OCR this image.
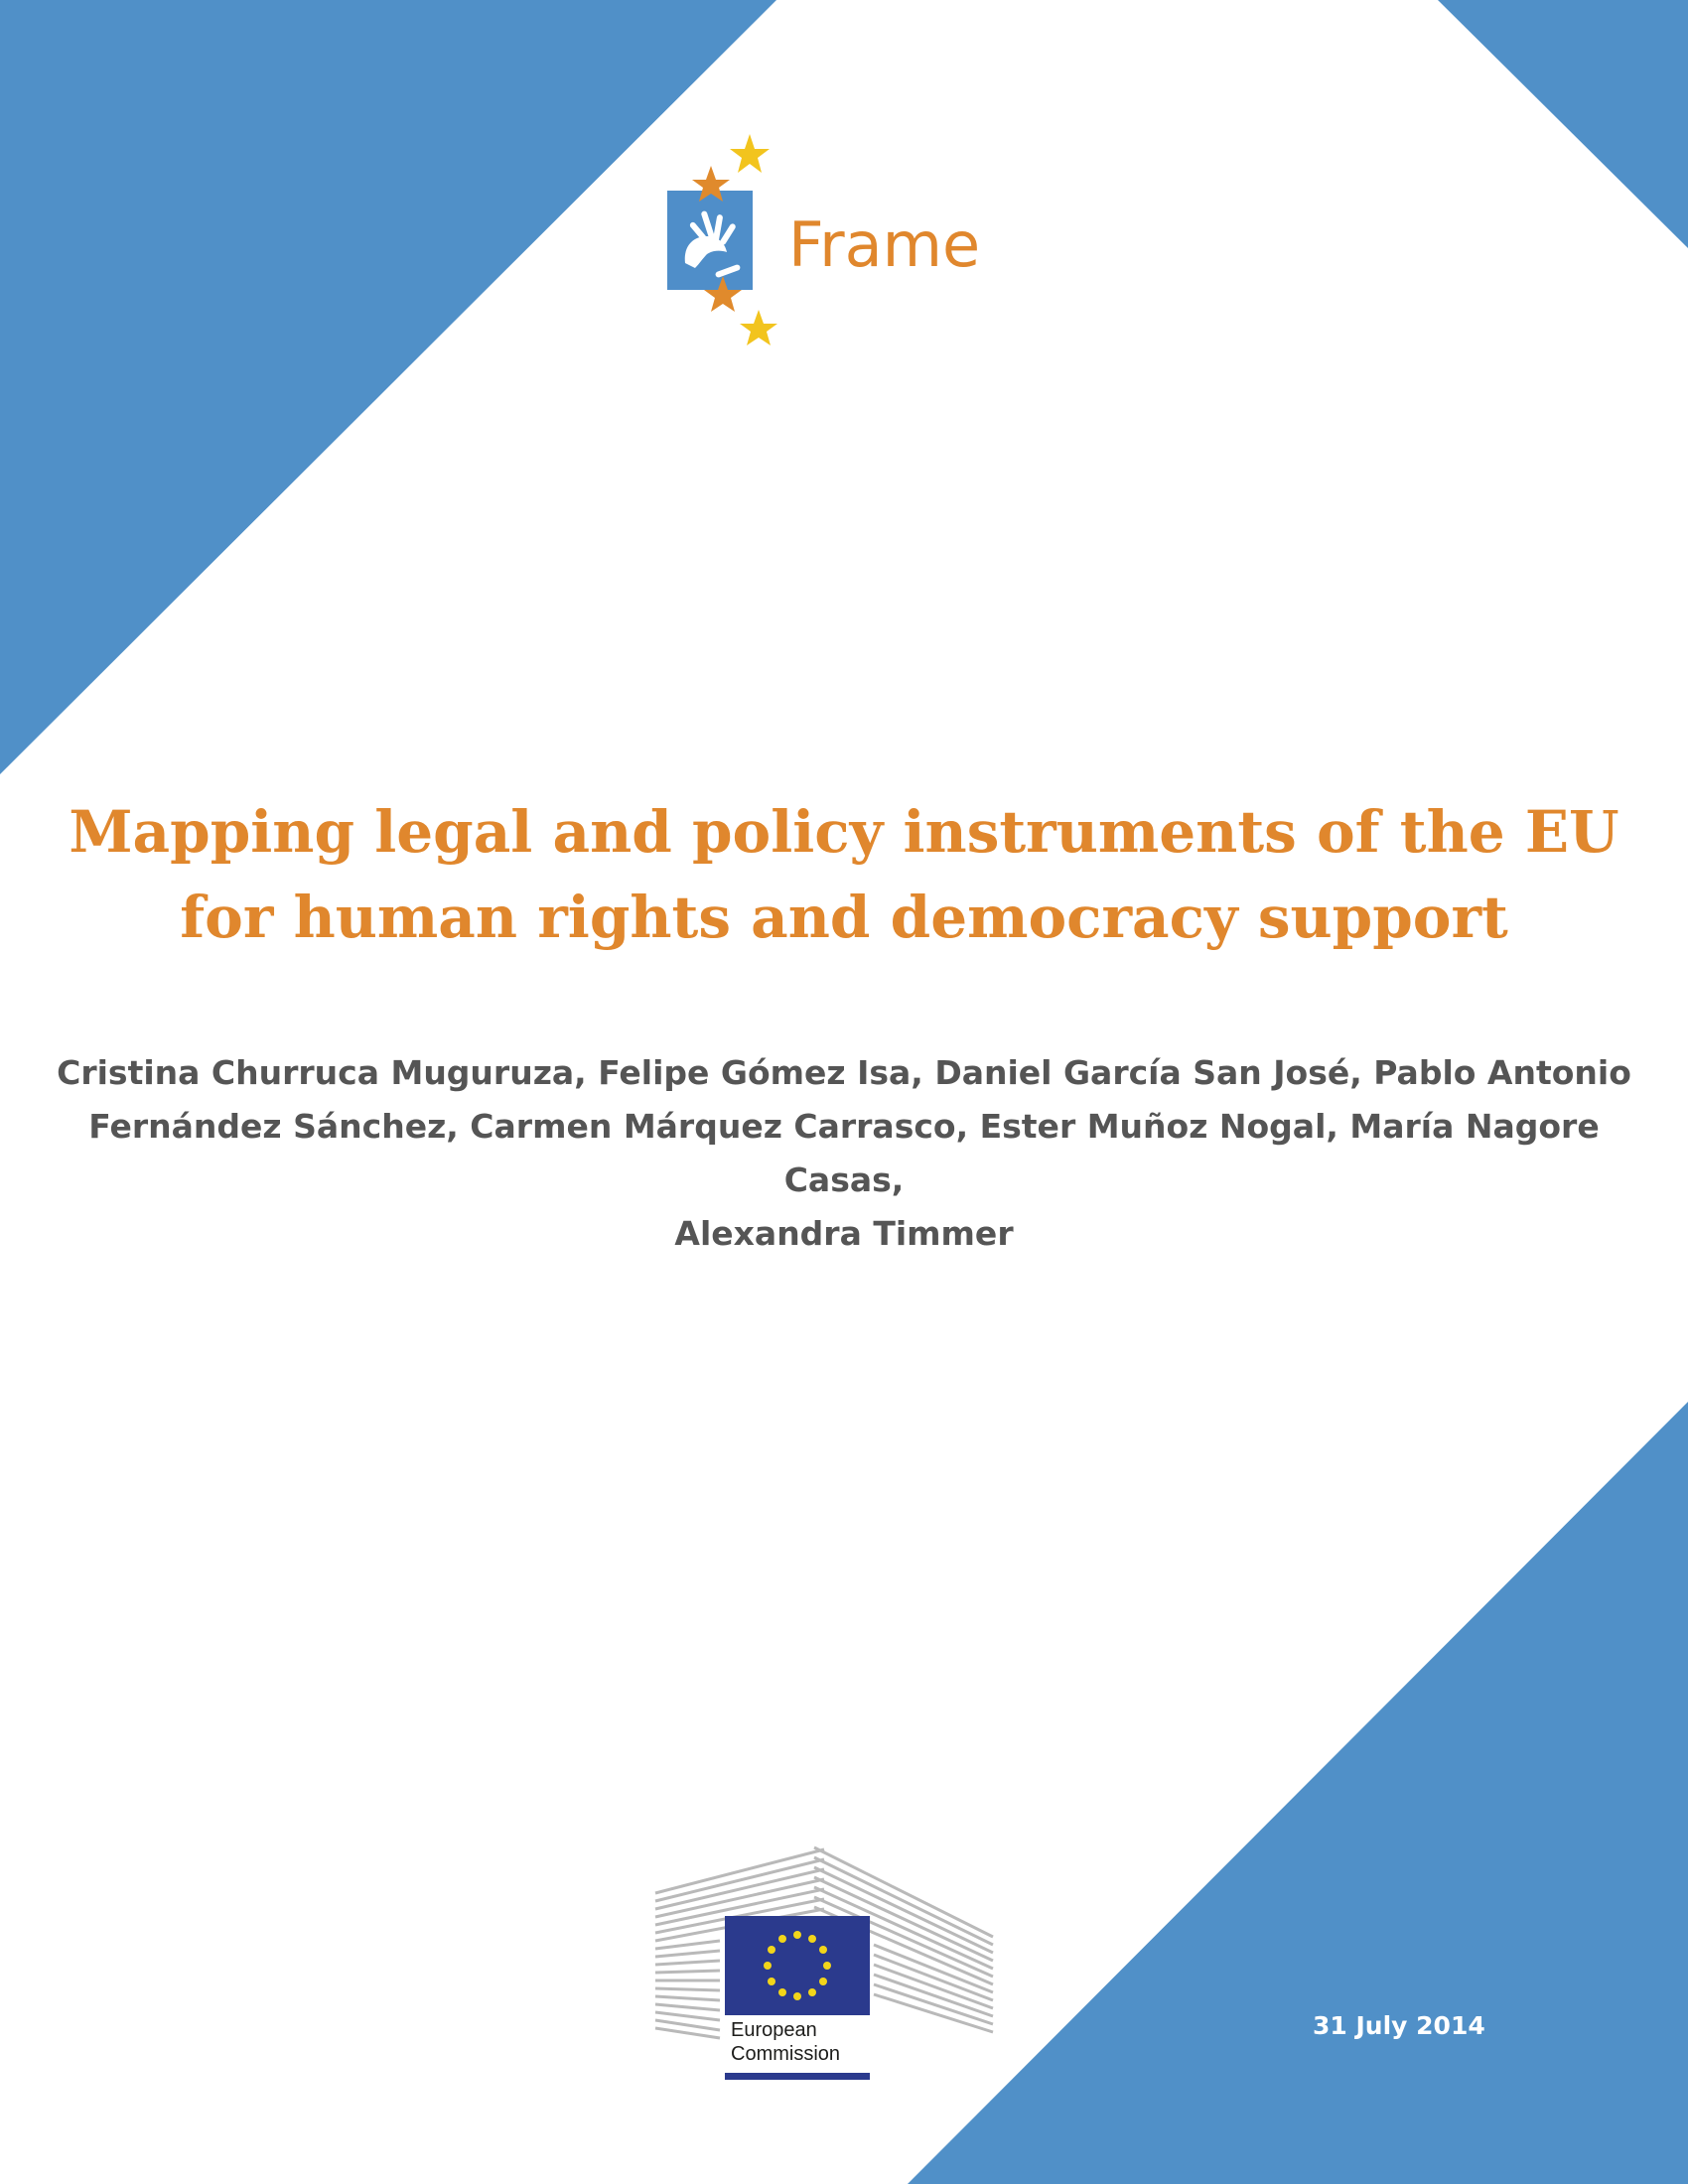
Frame
Mapping legal and policy instruments of the EU
for human rights and democracy support

Cristina Churruca Muguruza, Felipe Gómez Isa, Daniel García San José, Pablo Antonio
Fernández Sánchez, Carmen Márquez Carrasco, Ester Muñoz Nogal, María Nagore Casas,
Alexandra Timmer

European
Commission
31 July 2014
